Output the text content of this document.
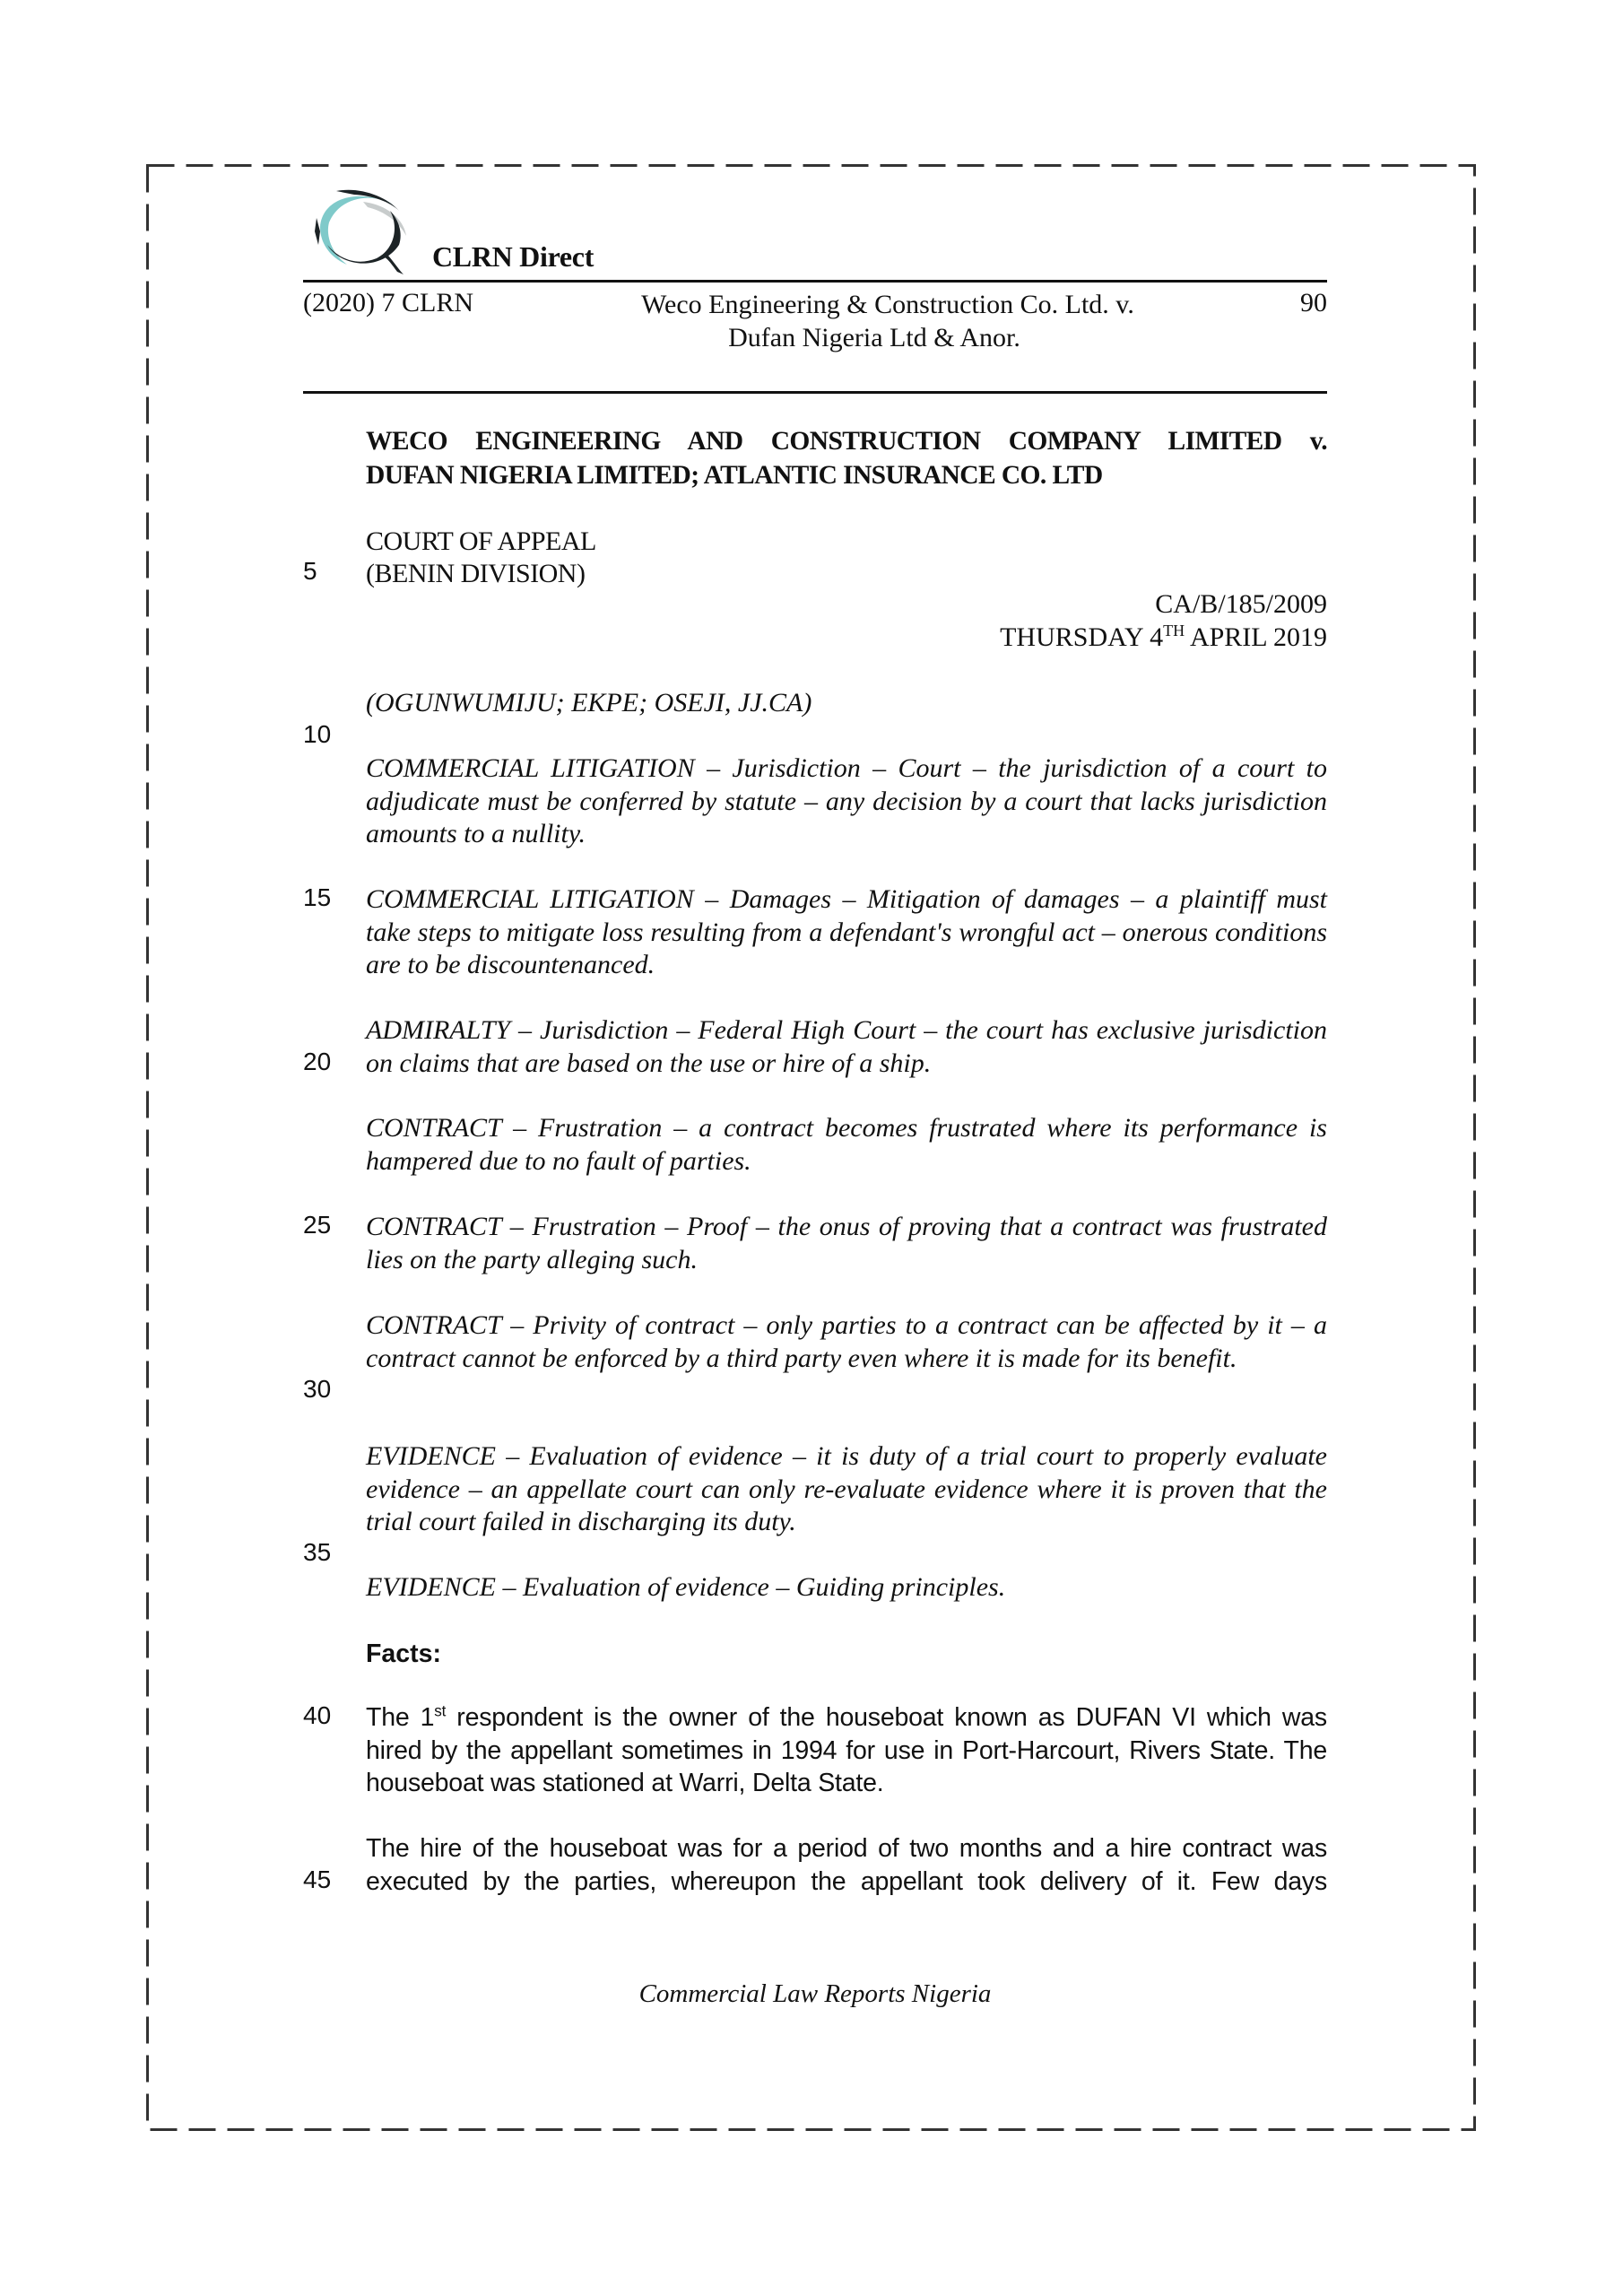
CLRN Direct
(2020) 7 CLRN	Weco Engineering & Construction Co. Ltd. v.
Dufan Nigeria Ltd & Anor.
90
WECO ENGINEERING AND CONSTRUCTION COMPANY LIMITED v.
DUFAN NIGERIA LIMITED; ATLANTIC INSURANCE CO. LTD
COURT OF APPEAL
(BENIN DIVISION)
CA/B/185/2009
THURSDAY 4TH APRIL 2019
(OGUNWUMIJU; EKPE; OSEJI, JJ.CA)

COMMERCIAL LITIGATION – Jurisdiction – Court – the jurisdiction of a court to adjudicate must be conferred by statute – any decision by a court that lacks jurisdiction amounts to a nullity.

COMMERCIAL LITIGATION – Damages – Mitigation of damages – a plaintiff must take steps to mitigate loss resulting from a defendant's wrongful act – onerous conditions are to be discountenanced.

ADMIRALTY – Jurisdiction – Federal High Court – the court has exclusive jurisdiction on claims that are based on the use or hire of a ship.

CONTRACT – Frustration – a contract becomes frustrated where its performance is hampered due to no fault of parties.

CONTRACT – Frustration – Proof – the onus of proving that a contract was frustrated lies on the party alleging such.

CONTRACT – Privity of contract – only parties to a contract can be affected by it – a contract cannot be enforced by a third party even where it is made for its benefit.

EVIDENCE – Evaluation of evidence – it is duty of a trial court to properly evaluate evidence – an appellate court can only re-evaluate evidence where it is proven that the trial court failed in discharging its duty.

EVIDENCE – Evaluation of evidence – Guiding principles.

Facts:

The 1st respondent is the owner of the houseboat known as DUFAN VI which was hired by the appellant sometimes in 1994 for use in Port-Harcourt, Rivers State. The houseboat was stationed at Warri, Delta State.

The hire of the houseboat was for a period of two months and a hire contract was executed by the parties, whereupon the appellant took delivery of it. Few days

5
10
15
20
25
30
35
40
45
Commercial Law Reports Nigeria
